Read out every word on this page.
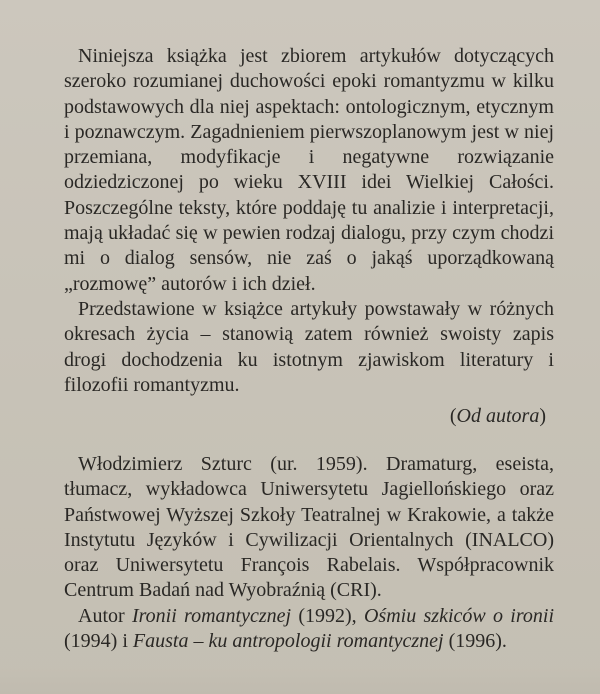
Niniejsza książka jest zbiorem artykułów dotyczących szeroko rozumianej duchowości epoki romantyzmu w kilku podstawowych dla niej aspektach: ontologicznym, etycznym i poznawczym. Zagadnieniem pierwszoplanowym jest w niej przemiana, modyfikacje i negatywne rozwiązanie odziedziczonej po wieku XVIII idei Wielkiej Całości. Poszczególne teksty, które poddaję tu analizie i interpretacji, mają układać się w pewien rodzaj dialogu, przy czym chodzi mi o dialog sensów, nie zaś o jakąś uporządkowaną „rozmowę” autorów i ich dzieł.

Przedstawione w książce artykuły powstawały w różnych okresach życia – stanowią zatem również swoisty zapis drogi dochodzenia ku istotnym zjawiskom literatury i filozofii romantyzmu.

(Od autora)

Włodzimierz Szturc (ur. 1959). Dramaturg, eseista, tłumacz, wykładowca Uniwersytetu Jagiellońskiego oraz Państwowej Wyższej Szkoły Teatralnej w Krakowie, a także Instytutu Języków i Cywilizacji Orientalnych (INALCO) oraz Uniwersytetu François Rabelais. Współpracownik Centrum Badań nad Wyobraźnią (CRI).

Autor Ironii romantycznej (1992), Ośmiu szkiców o ironii (1994) i Fausta – ku antropologii romantycznej (1996).
